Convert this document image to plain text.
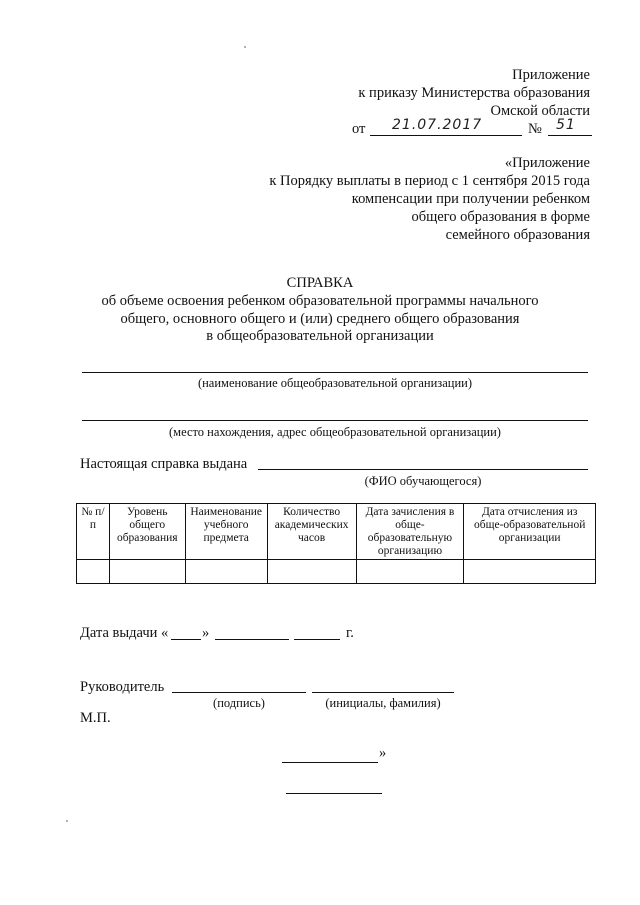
Приложение
к приказу Министерства образования
Омской области
от 21.07.2017	№ 51
«Приложение
к Порядку выплаты в период с 1 сентября 2015 года
компенсации при получении ребенком
общего образования в форме
семейного образования
СПРАВКА
об объеме освоения ребенком образовательной программы начального
общего, основного общего и (или) среднего общего образования
в общеобразовательной организации
(наименование общеобразовательной организации)
(место нахождения, адрес общеобразовательной организации)
Настоящая справка выдана
(ФИО обучающегося)
№ п/п	Уровень общего образования	Наименование учебного предмета	Количество академических часов	Дата зачисления в обще-образовательную организацию	Дата отчисления из обще-образовательной организации

Дата выдачи « »	г.
Руководитель
(подпись)	(инициалы, фамилия)
М.П.
»
